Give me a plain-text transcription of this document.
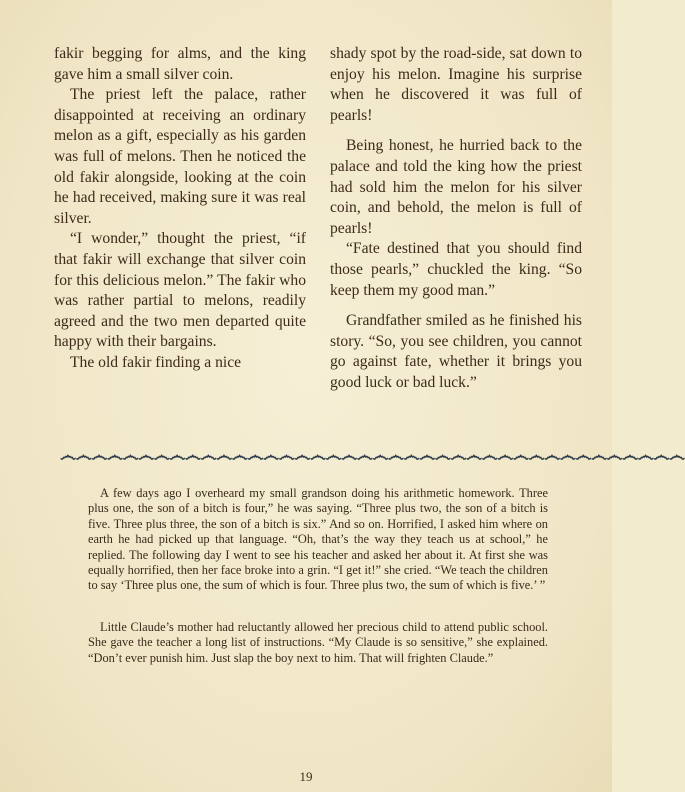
fakir begging for alms, and the king gave him a small silver coin.

The priest left the palace, rather disappointed at receiving an ordinary melon as a gift, especially as his garden was full of melons. Then he noticed the old fakir alongside, looking at the coin he had received, making sure it was real silver.

“I wonder,” thought the priest, “if that fakir will exchange that silver coin for this delicious melon.” The fakir who was rather partial to melons, readily agreed and the two men departed quite happy with their bargains.

The old fakir finding a nice

shady spot by the road-side, sat down to enjoy his melon. Imagine his surprise when he discovered it was full of pearls!

Being honest, he hurried back to the palace and told the king how the priest had sold him the melon for his silver coin, and behold, the melon is full of pearls!

“Fate destined that you should find those pearls,” chuckled the king. “So keep them my good man.”

Grandfather smiled as he finished his story. “So, you see children, you cannot go against fate, whether it brings you good luck or bad luck.”

෴෴෴෴෴෴෴෴෴෴෴෴෴෴෴෴෴෴෴෴෴෴෴෴෴෴෴෴෴෴෴෴෴෴෴෴෴෴෴෴

A few days ago I overheard my small grandson doing his arithmetic homework. Three plus one, the son of a bitch is four,” he was saying. “Three plus two, the son of a bitch is five. Three plus three, the son of a bitch is six.” And so on. Horrified, I asked him where on earth he had picked up that language. “Oh, that’s the way they teach us at school,” he replied. The following day I went to see his teacher and asked her about it. At first she was equally horrified, then her face broke into a grin. “I get it!” she cried. “We teach the children to say ‘Three plus one, the sum of which is four. Three plus two, the sum of which is five.’ ”

Little Claude’s mother had reluctantly allowed her precious child to attend public school. She gave the teacher a long list of instructions. “My Claude is so sensitive,” she explained. “Don’t ever punish him. Just slap the boy next to him. That will frighten Claude.”

19
